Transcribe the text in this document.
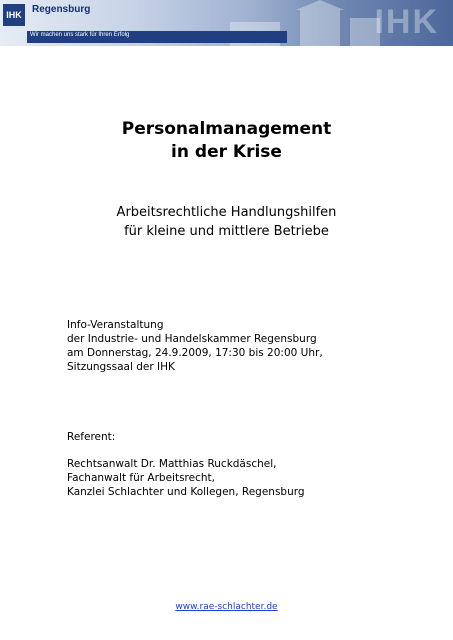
IHK
IHK Regensburg
Wir machen uns stark für Ihren Erfolg
Personalmanagement
in der Krise
Arbeitsrechtliche Handlungshilfen
für kleine und mittlere Betriebe
Info-Veranstaltung
der Industrie- und Handelskammer Regensburg
am Donnerstag, 24.9.2009, 17:30 bis 20:00 Uhr,
Sitzungssaal der IHK
Referent:
Rechtsanwalt Dr. Matthias Ruckdäschel,
Fachanwalt für Arbeitsrecht,
Kanzlei Schlachter und Kollegen, Regensburg
www.rae-schlachter.de
